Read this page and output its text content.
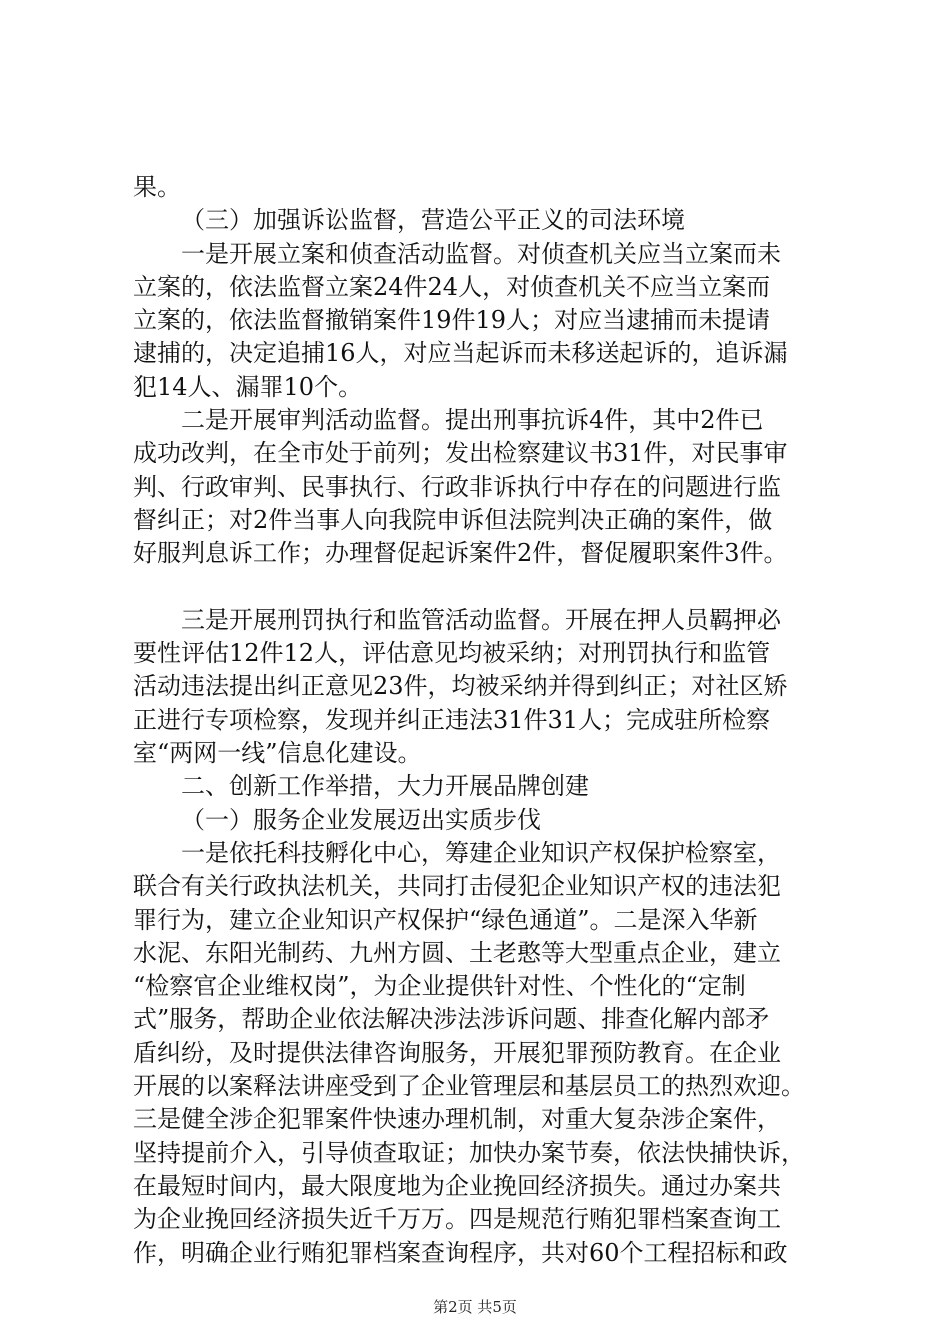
果。
（三）加强诉讼监督，营造公平正义的司法环境
一是开展立案和侦查活动监督。对侦查机关应当立案而未
立案的，依法监督立案24件24人，对侦查机关不应当立案而
立案的，依法监督撤销案件19件19人；对应当逮捕而未提请
逮捕的，决定追捕16人，对应当起诉而未移送起诉的，追诉漏
犯14人、漏罪10个。
二是开展审判活动监督。提出刑事抗诉4件，其中2件已
成功改判，在全市处于前列；发出检察建议书31件，对民事审
判、行政审判、民事执行、行政非诉执行中存在的问题进行监
督纠正；对2件当事人向我院申诉但法院判决正确的案件，做
好服判息诉工作；办理督促起诉案件2件，督促履职案件3件。
三是开展刑罚执行和监管活动监督。开展在押人员羁押必
要性评估12件12人，评估意见均被采纳；对刑罚执行和监管
活动违法提出纠正意见23件，均被采纳并得到纠正；对社区矫
正进行专项检察，发现并纠正违法31件31人；完成驻所检察
室“两网一线”信息化建设。
二、创新工作举措，大力开展品牌创建
（一）服务企业发展迈出实质步伐
一是依托科技孵化中心，筹建企业知识产权保护检察室，
联合有关行政执法机关，共同打击侵犯企业知识产权的违法犯
罪行为，建立企业知识产权保护“绿色通道”。二是深入华新
水泥、东阳光制药、九州方圆、土老憨等大型重点企业，建立
“检察官企业维权岗”，为企业提供针对性、个性化的“定制
式”服务，帮助企业依法解决涉法涉诉问题、排查化解内部矛
盾纠纷，及时提供法律咨询服务，开展犯罪预防教育。在企业
开展的以案释法讲座受到了企业管理层和基层员工的热烈欢迎。
三是健全涉企犯罪案件快速办理机制，对重大复杂涉企案件，
坚持提前介入，引导侦查取证；加快办案节奏，依法快捕快诉，
在最短时间内，最大限度地为企业挽回经济损失。通过办案共
为企业挽回经济损失近千万万。四是规范行贿犯罪档案查询工
作，明确企业行贿犯罪档案查询程序，共对60个工程招标和政
第2页 共5页
